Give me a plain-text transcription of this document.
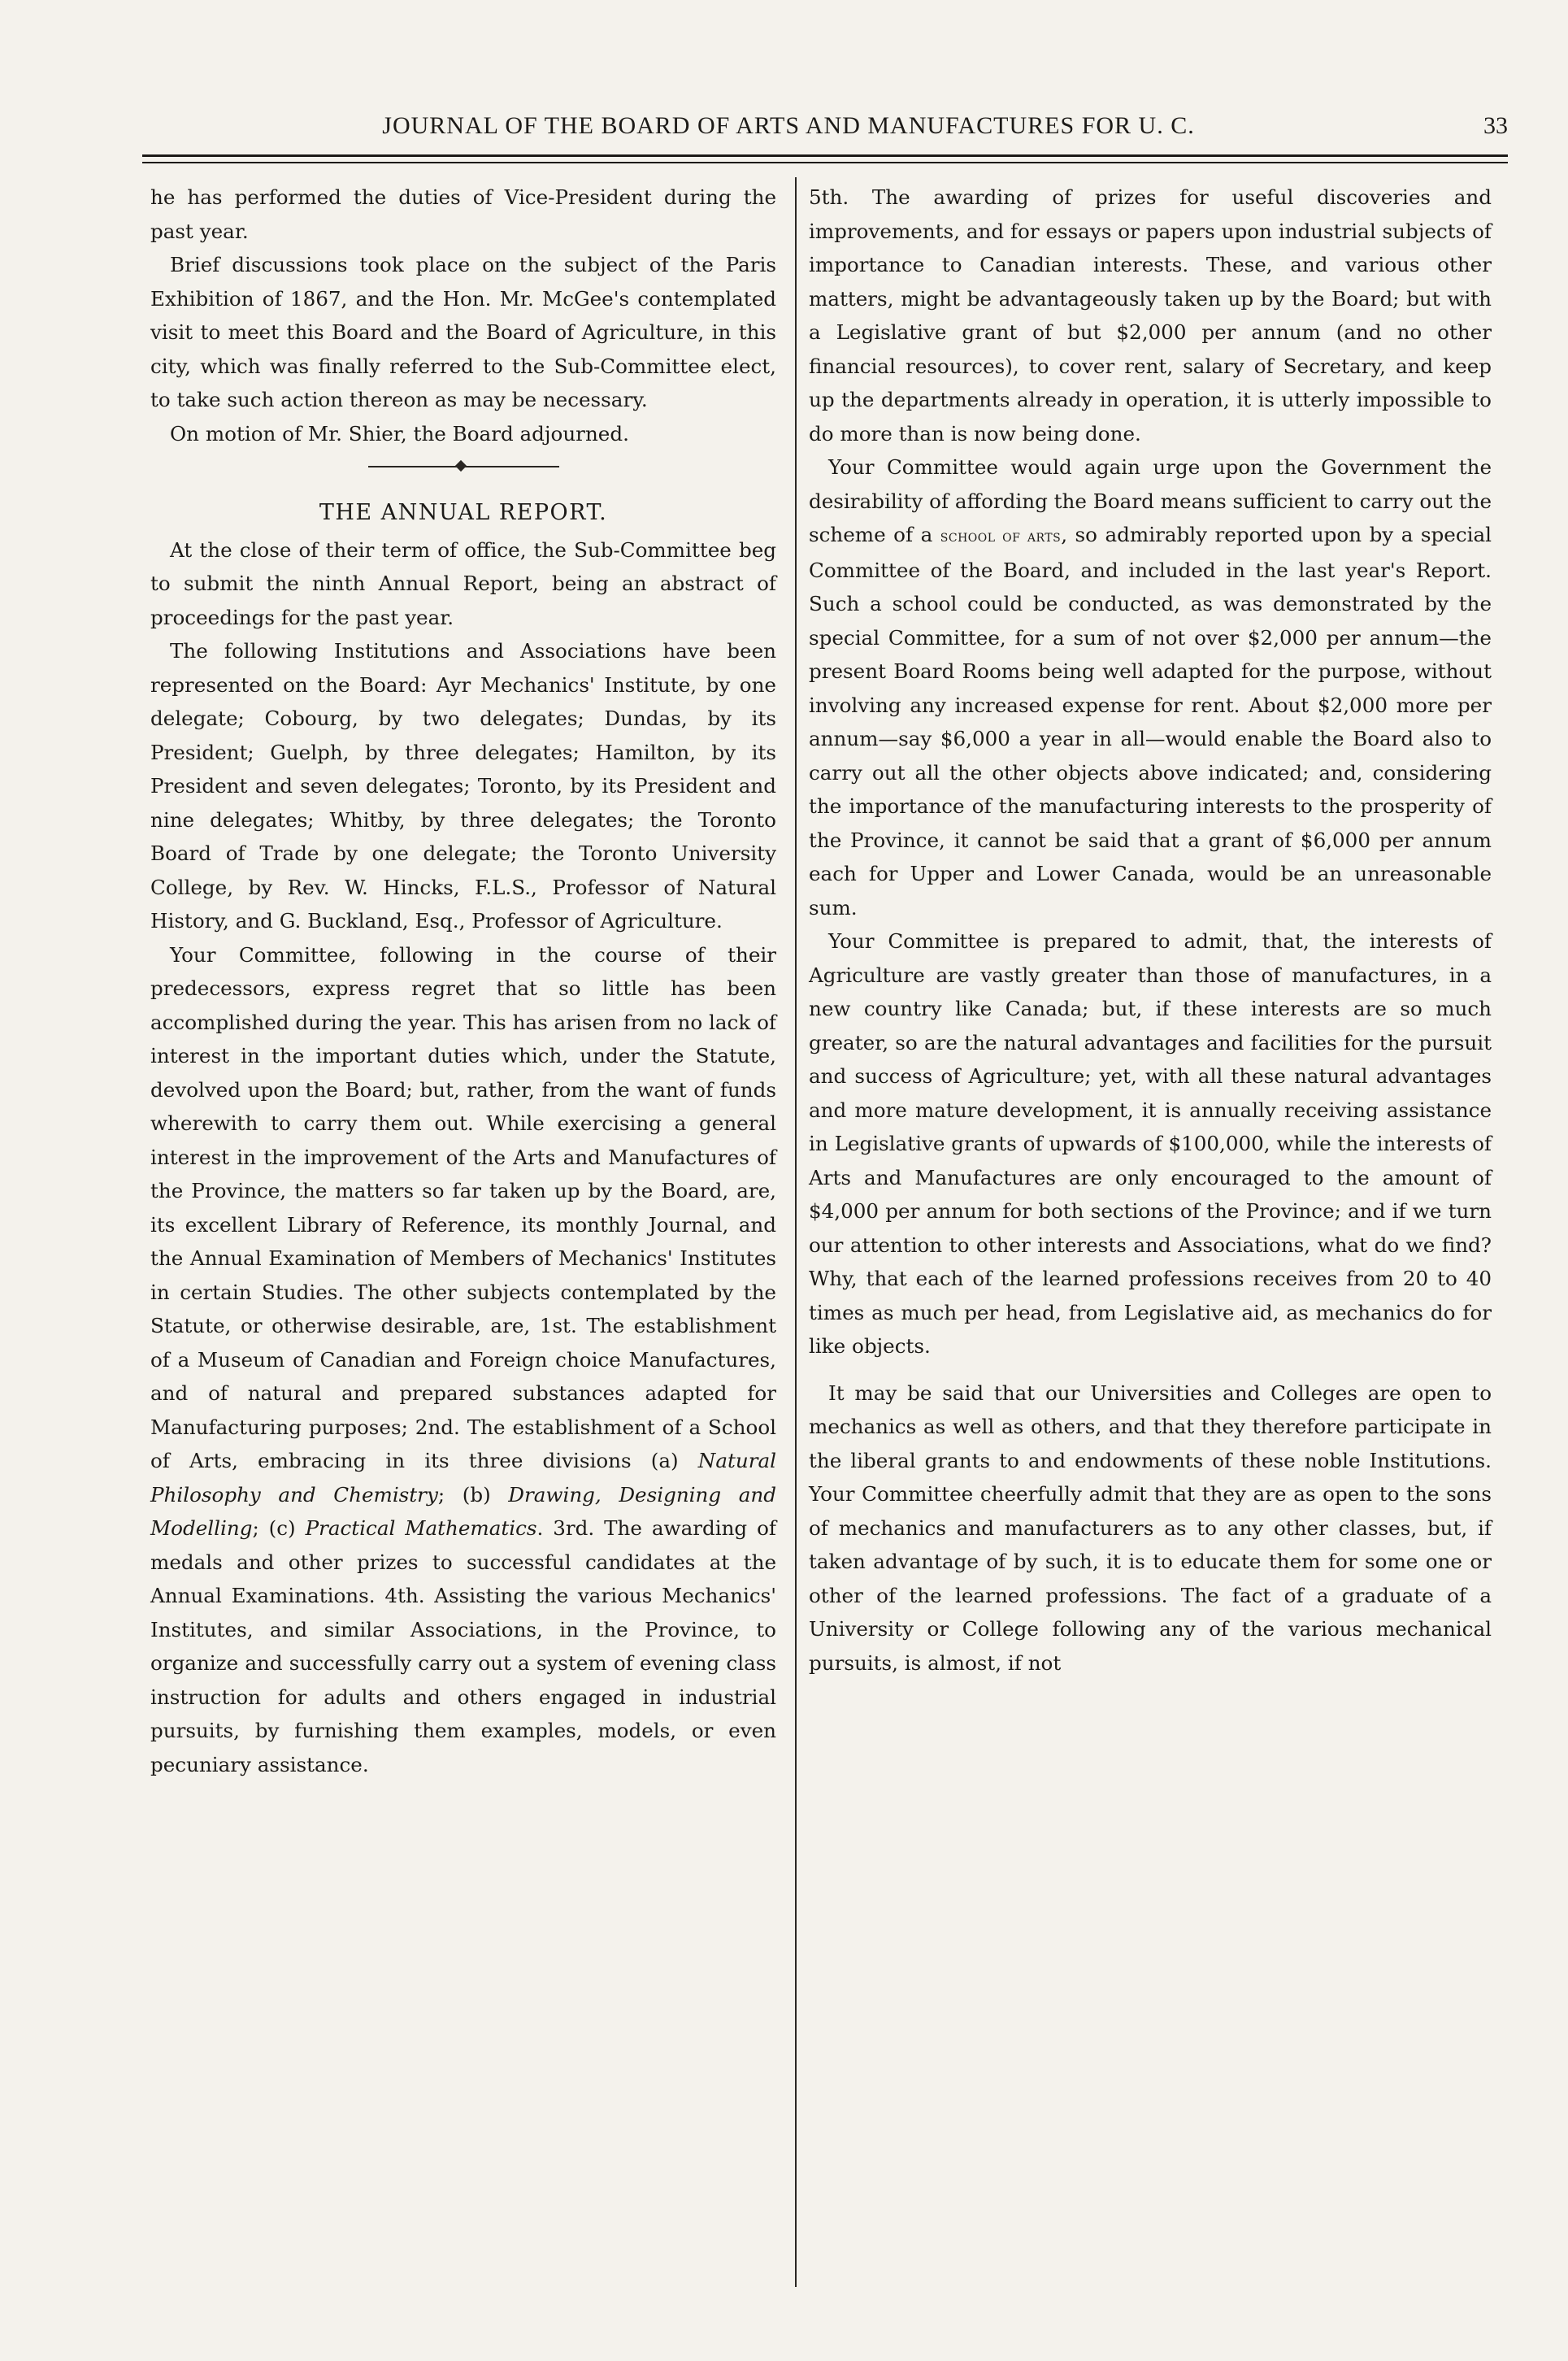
JOURNAL OF THE BOARD OF ARTS AND MANUFACTURES FOR U. C.	33

he has performed the duties of Vice-President during the past year.

Brief discussions took place on the subject of the Paris Exhibition of 1867, and the Hon. Mr. McGee's contemplated visit to meet this Board and the Board of Agriculture, in this city, which was finally referred to the Sub-Committee elect, to take such action thereon as may be necessary.

On motion of Mr. Shier, the Board adjourned.

THE ANNUAL REPORT.

At the close of their term of office, the Sub-Committee beg to submit the ninth Annual Report, being an abstract of proceedings for the past year.

The following Institutions and Associations have been represented on the Board: Ayr Mechanics' Institute, by one delegate; Cobourg, by two delegates; Dundas, by its President; Guelph, by three delegates; Hamilton, by its President and seven delegates; Toronto, by its President and nine delegates; Whitby, by three delegates; the Toronto Board of Trade by one delegate; the Toronto University College, by Rev. W. Hincks, F.L.S., Professor of Natural History, and G. Buckland, Esq., Professor of Agriculture.

Your Committee, following in the course of their predecessors, express regret that so little has been accomplished during the year. This has arisen from no lack of interest in the important duties which, under the Statute, devolved upon the Board; but, rather, from the want of funds wherewith to carry them out. While exercising a general interest in the improvement of the Arts and Manufactures of the Province, the matters so far taken up by the Board, are, its excellent Library of Reference, its monthly Journal, and the Annual Examination of Members of Mechanics' Institutes in certain Studies. The other subjects contemplated by the Statute, or otherwise desirable, are, 1st. The establishment of a Museum of Canadian and Foreign choice Manufactures, and of natural and prepared substances adapted for Manufacturing purposes; 2nd. The establishment of a School of Arts, embracing in its three divisions (a) Natural Philosophy and Chemistry; (b) Drawing, Designing and Modelling; (c) Practical Mathematics. 3rd. The awarding of medals and other prizes to successful candidates at the Annual Examinations. 4th. Assisting the various Mechanics' Institutes, and similar Associations, in the Province, to organize and successfully carry out a system of evening class instruction for adults and others engaged in industrial pursuits, by furnishing them examples, models, or even pecuniary assistance.

5th. The awarding of prizes for useful discoveries and improvements, and for essays or papers upon industrial subjects of importance to Canadian interests. These, and various other matters, might be advantageously taken up by the Board; but with a Legislative grant of but $2,000 per annum (and no other financial resources), to cover rent, salary of Secretary, and keep up the departments already in operation, it is utterly impossible to do more than is now being done.

Your Committee would again urge upon the Government the desirability of affording the Board means sufficient to carry out the scheme of a school of arts, so admirably reported upon by a special Committee of the Board, and included in the last year's Report. Such a school could be conducted, as was demonstrated by the special Committee, for a sum of not over $2,000 per annum—the present Board Rooms being well adapted for the purpose, without involving any increased expense for rent. About $2,000 more per annum—say $6,000 a year in all—would enable the Board also to carry out all the other objects above indicated; and, considering the importance of the manufacturing interests to the prosperity of the Province, it cannot be said that a grant of $6,000 per annum each for Upper and Lower Canada, would be an unreasonable sum.

Your Committee is prepared to admit, that, the interests of Agriculture are vastly greater than those of manufactures, in a new country like Canada; but, if these interests are so much greater, so are the natural advantages and facilities for the pursuit and success of Agriculture; yet, with all these natural advantages and more mature development, it is annually receiving assistance in Legislative grants of upwards of $100,000, while the interests of Arts and Manufactures are only encouraged to the amount of $4,000 per annum for both sections of the Province; and if we turn our attention to other interests and Associations, what do we find? Why, that each of the learned professions receives from 20 to 40 times as much per head, from Legislative aid, as mechanics do for like objects.

It may be said that our Universities and Colleges are open to mechanics as well as others, and that they therefore participate in the liberal grants to and endowments of these noble Institutions. Your Committee cheerfully admit that they are as open to the sons of mechanics and manufacturers as to any other classes, but, if taken advantage of by such, it is to educate them for some one or other of the learned professions. The fact of a graduate of a University or College following any of the various mechanical pursuits, is almost, if not
